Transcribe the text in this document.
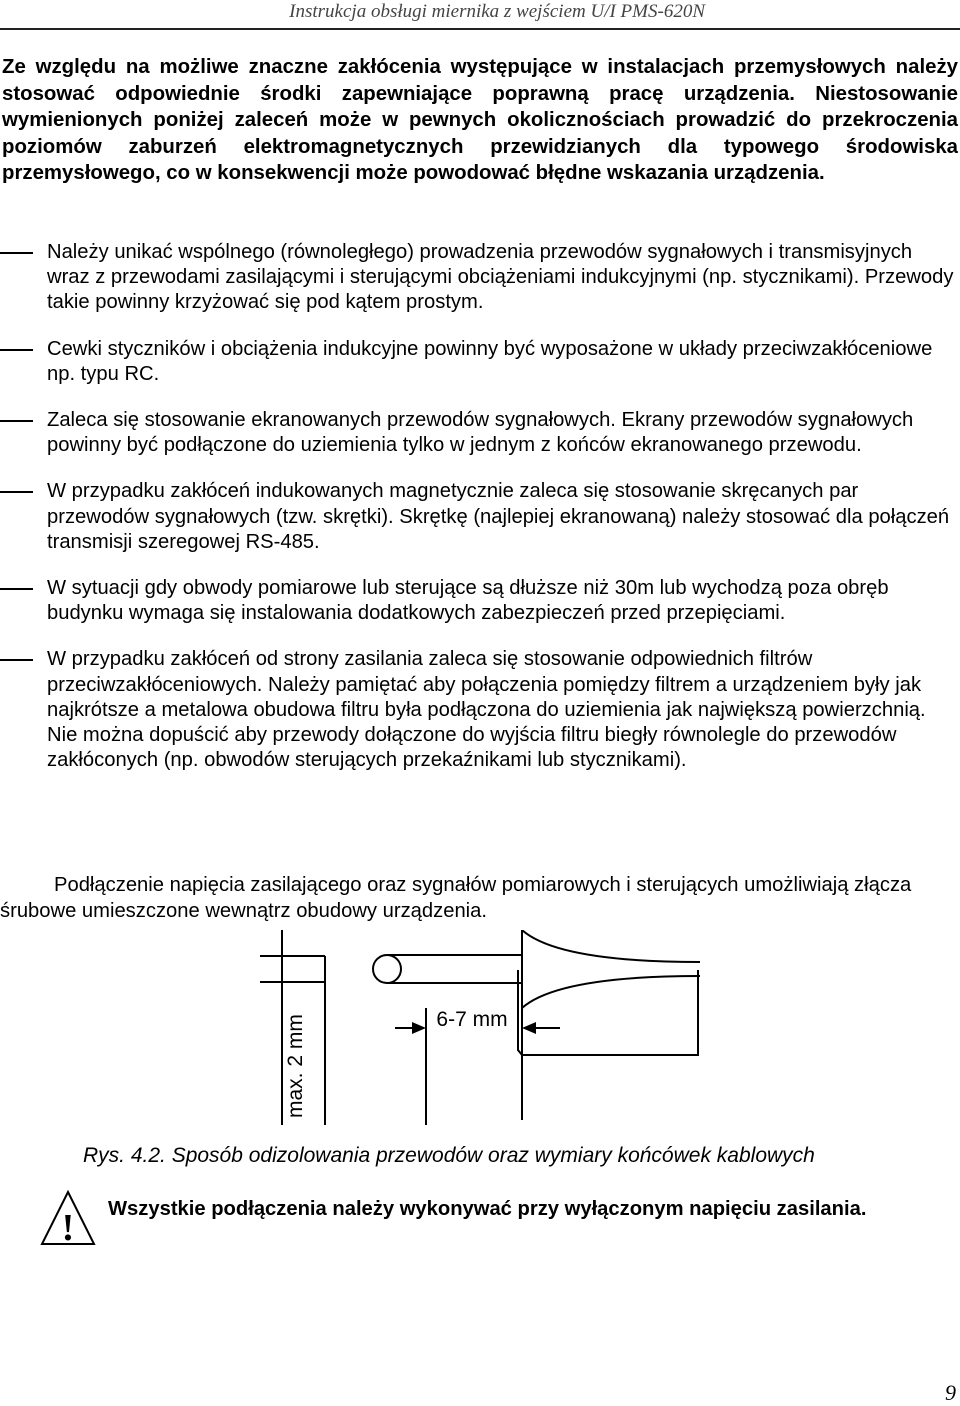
Instrukcja obsługi miernika z wejściem U/I PMS-620N

Ze względu na możliwe znaczne zakłócenia występujące w instalacjach przemysłowych należy stosować odpowiednie środki zapewniające poprawną pracę urządzenia. Niestosowanie wymienionych poniżej zaleceń może w pewnych okolicznościach prowadzić do przekroczenia poziomów zaburzeń elektromagnetycznych przewidzianych dla typowego środowiska przemysłowego, co w konsekwencji może powodować błędne wskazania urządzenia.

Należy unikać wspólnego (równoległego) prowadzenia przewodów sygnałowych i transmisyjnych wraz z przewodami zasilającymi i sterującymi obciążeniami indukcyjnymi (np. stycznikami). Przewody takie powinny krzyżować się pod kątem prostym.
Cewki styczników i obciążenia indukcyjne powinny być wyposażone w układy przeciwzakłóceniowe np. typu RC.
Zaleca się stosowanie ekranowanych przewodów sygnałowych. Ekrany przewodów sygnałowych powinny być podłączone do uziemienia tylko w jednym z końców ekranowanego przewodu.
W przypadku zakłóceń indukowanych magnetycznie zaleca się stosowanie skręcanych par przewodów sygnałowych (tzw. skrętki). Skrętkę (najlepiej ekranowaną) należy stosować dla połączeń transmisji szeregowej RS-485.
W sytuacji gdy obwody pomiarowe lub sterujące są dłuższe niż 30m lub wychodzą poza obręb budynku wymaga się instalowania dodatkowych zabezpieczeń przed przepięciami.
W przypadku zakłóceń od strony zasilania zaleca się stosowanie odpowiednich filtrów przeciwzakłóceniowych. Należy pamiętać aby połączenia pomiędzy filtrem a urządzeniem były jak najkrótsze a metalowa obudowa filtru była podłączona do uziemienia jak największą powierzchnią. Nie można dopuścić aby przewody dołączone do wyjścia filtru biegły równolegle do przewodów zakłóconych (np. obwodów sterujących przekaźnikami lub stycznikami).

Podłączenie napięcia zasilającego oraz sygnałów pomiarowych i sterujących umożliwiają złącza śrubowe umieszczone wewnątrz obudowy urządzenia.

6-7 mm
max. 2 mm
Rys. 4.2. Sposób odizolowania przewodów oraz wymiary końcówek kablowych
! Wszystkie podłączenia należy wykonywać przy wyłączonym napięciu zasilania.
9
